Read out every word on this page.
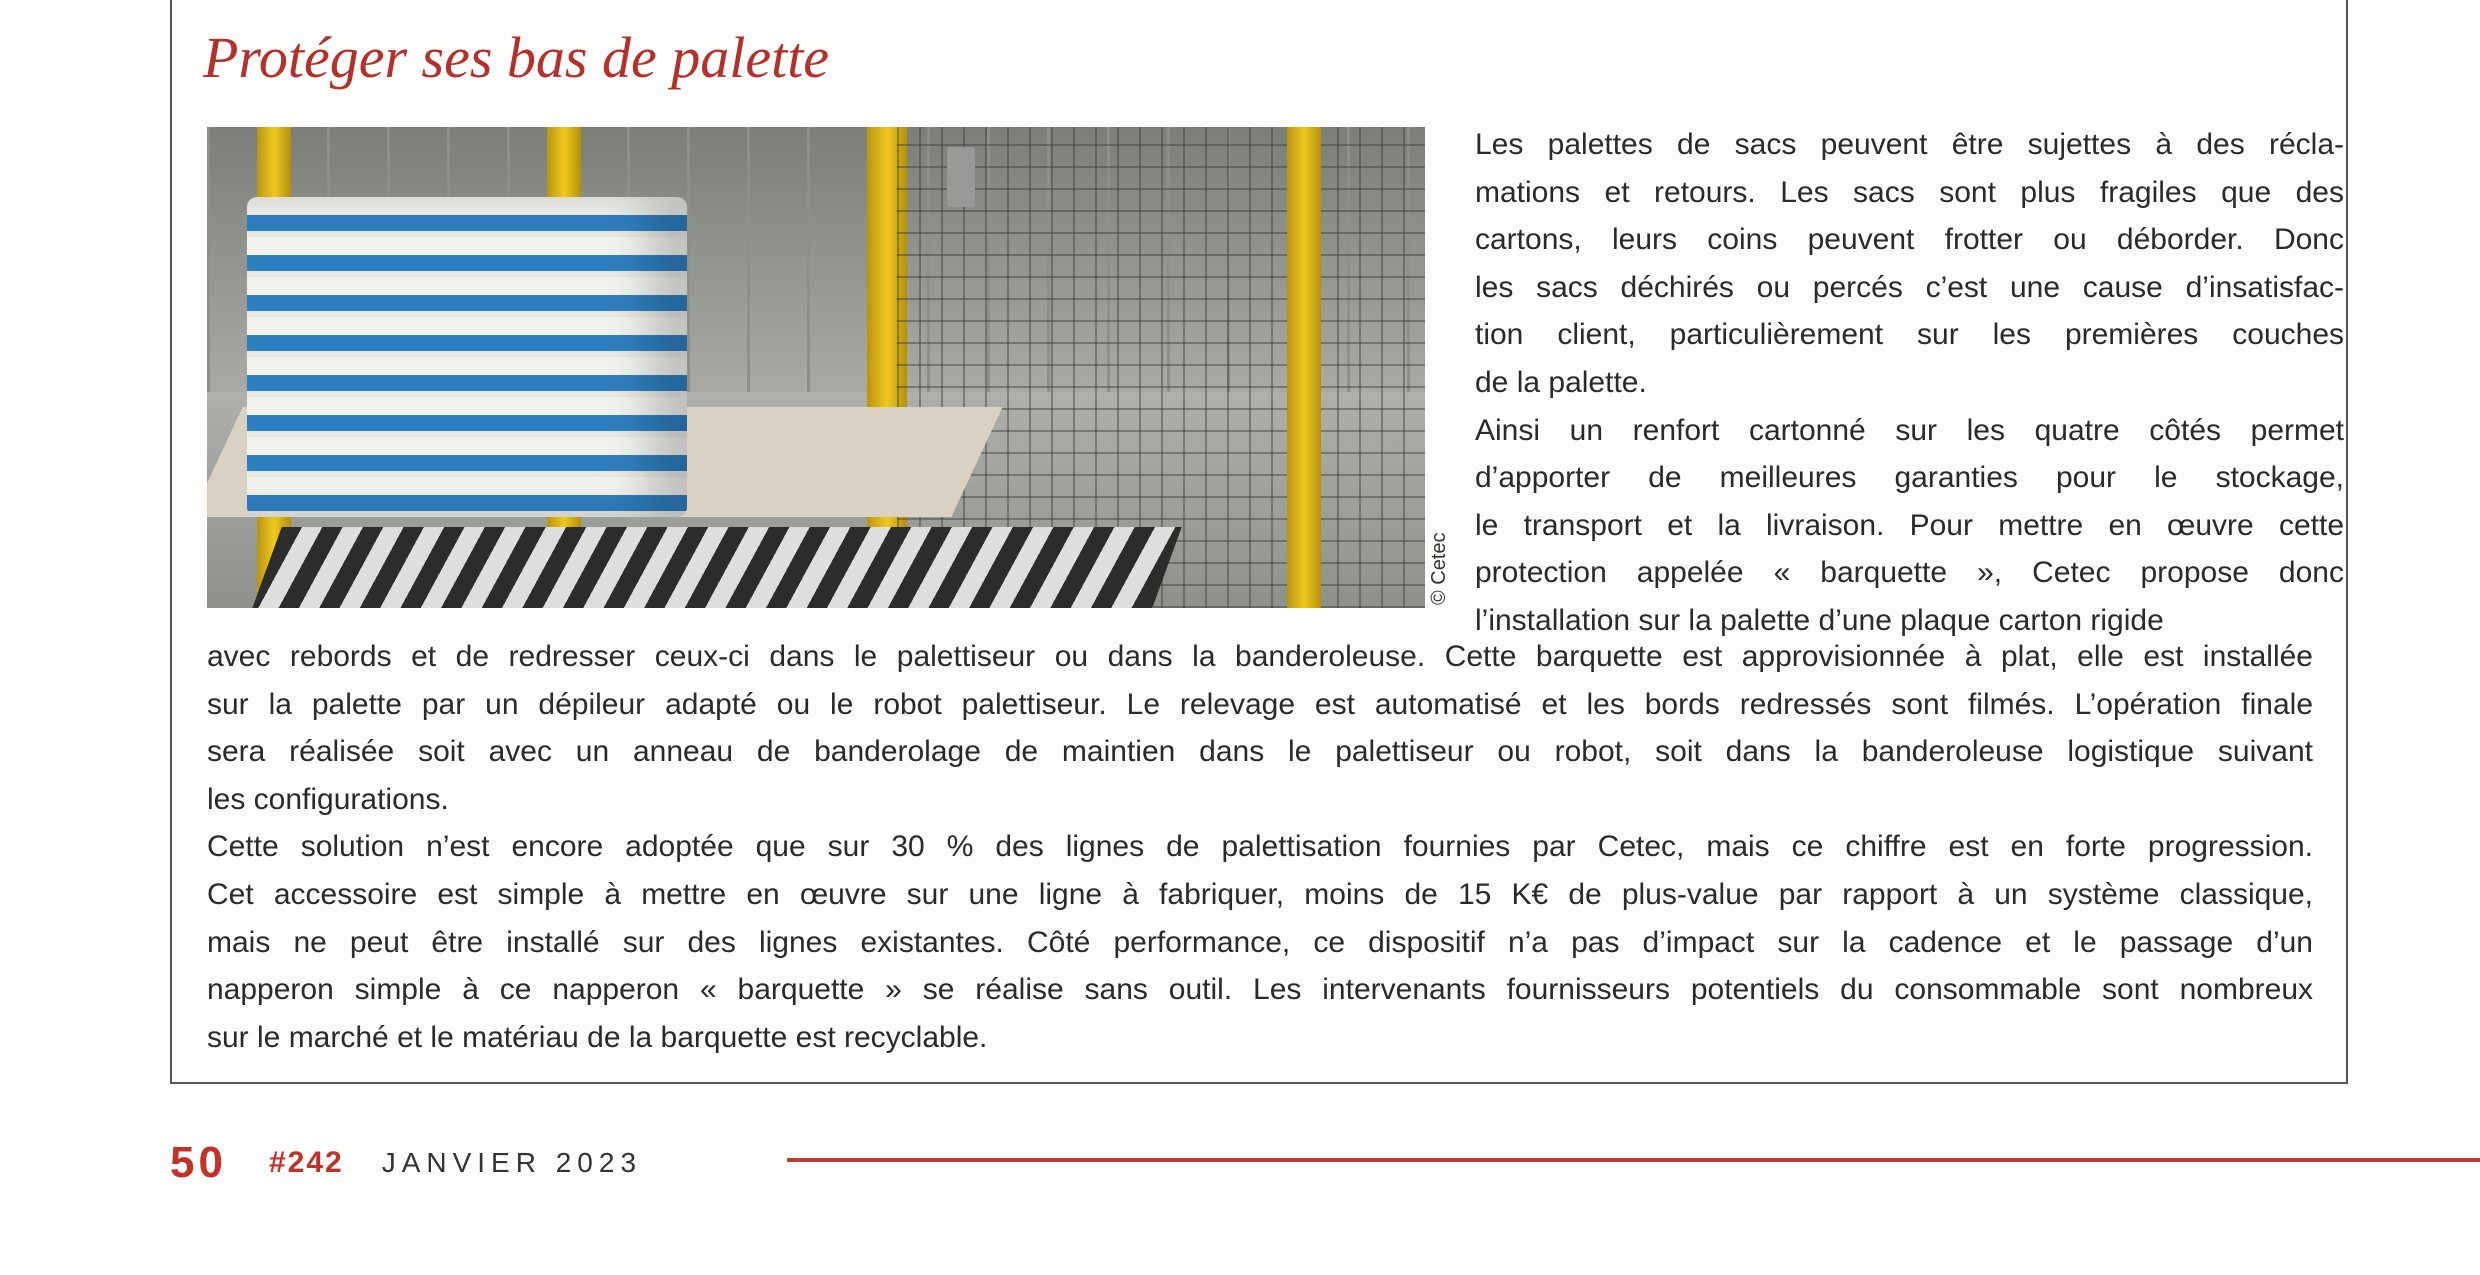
Protéger ses bas de palette
© Cetec
Les palettes de sacs peuvent être sujettes à des récla-
mations et retours. Les sacs sont plus fragiles que des
cartons, leurs coins peuvent frotter ou déborder. Donc
les sacs déchirés ou percés c’est une cause d’insatisfac-
tion client, particulièrement sur les premières couches
de la palette.
Ainsi un renfort cartonné sur les quatre côtés permet
d’apporter de meilleures garanties pour le stockage,
le transport et la livraison. Pour mettre en œuvre cette
protection appelée « barquette », Cetec propose donc
l’installation sur la palette d’une plaque carton rigide
avec rebords et de redresser ceux-ci dans le palettiseur ou dans la banderoleuse. Cette barquette est approvisionnée à plat, elle est installée
sur la palette par un dépileur adapté ou le robot palettiseur. Le relevage est automatisé et les bords redressés sont filmés. L’opération finale
sera réalisée soit avec un anneau de banderolage de maintien dans le palettiseur ou robot, soit dans la banderoleuse logistique suivant
les configurations.
Cette solution n’est encore adoptée que sur 30 % des lignes de palettisation fournies par Cetec, mais ce chiffre est en forte progression.
Cet accessoire est simple à mettre en œuvre sur une ligne à fabriquer, moins de 15 K€ de plus-value par rapport à un système classique,
mais ne peut être installé sur des lignes existantes. Côté performance, ce dispositif n’a pas d’impact sur la cadence et le passage d’un
napperon simple à ce napperon « barquette » se réalise sans outil. Les intervenants fournisseurs potentiels du consommable sont nombreux
sur le marché et le matériau de la barquette est recyclable.
50 #242 JANVIER 2023
